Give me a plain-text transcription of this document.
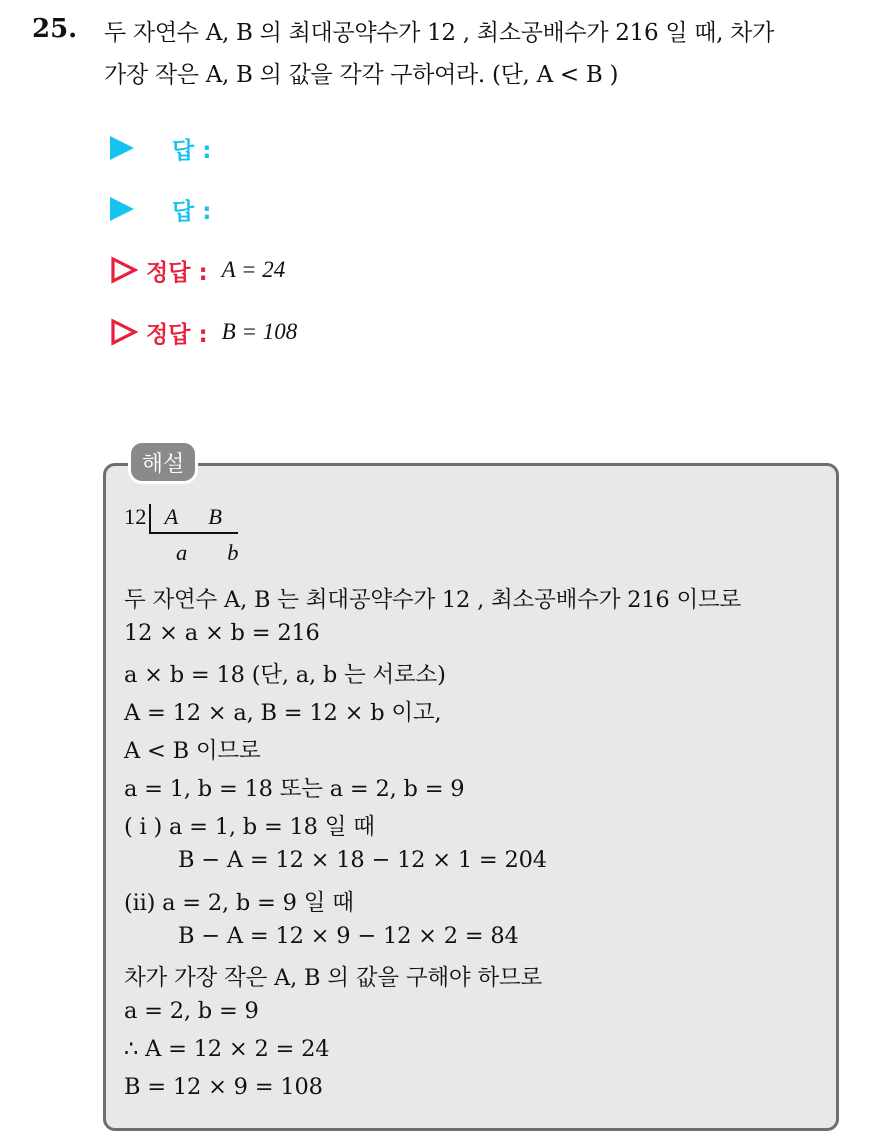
25. 두 자연수 A, B 의 최대공약수가 12 , 최소공배수가 216 일 때, 차가
가장 작은 A, B 의 값을 각각 구하여라. (단, A < B )
답 :
답 :
정답 : A = 24
정답 : B = 108
해설
12 A B
a b
두 자연수 A, B 는 최대공약수가 12 , 최소공배수가 216 이므로
12 × a × b = 216
a × b = 18 (단, a, b 는 서로소)
A = 12 × a, B = 12 × b 이고,
A < B 이므로
a = 1, b = 18 또는 a = 2, b = 9
( i ) a = 1, b = 18 일 때
B − A = 12 × 18 − 12 × 1 = 204
(ii) a = 2, b = 9 일 때
B − A = 12 × 9 − 12 × 2 = 84
차가 가장 작은 A, B 의 값을 구해야 하므로
a = 2, b = 9
∴ A = 12 × 2 = 24
B = 12 × 9 = 108
